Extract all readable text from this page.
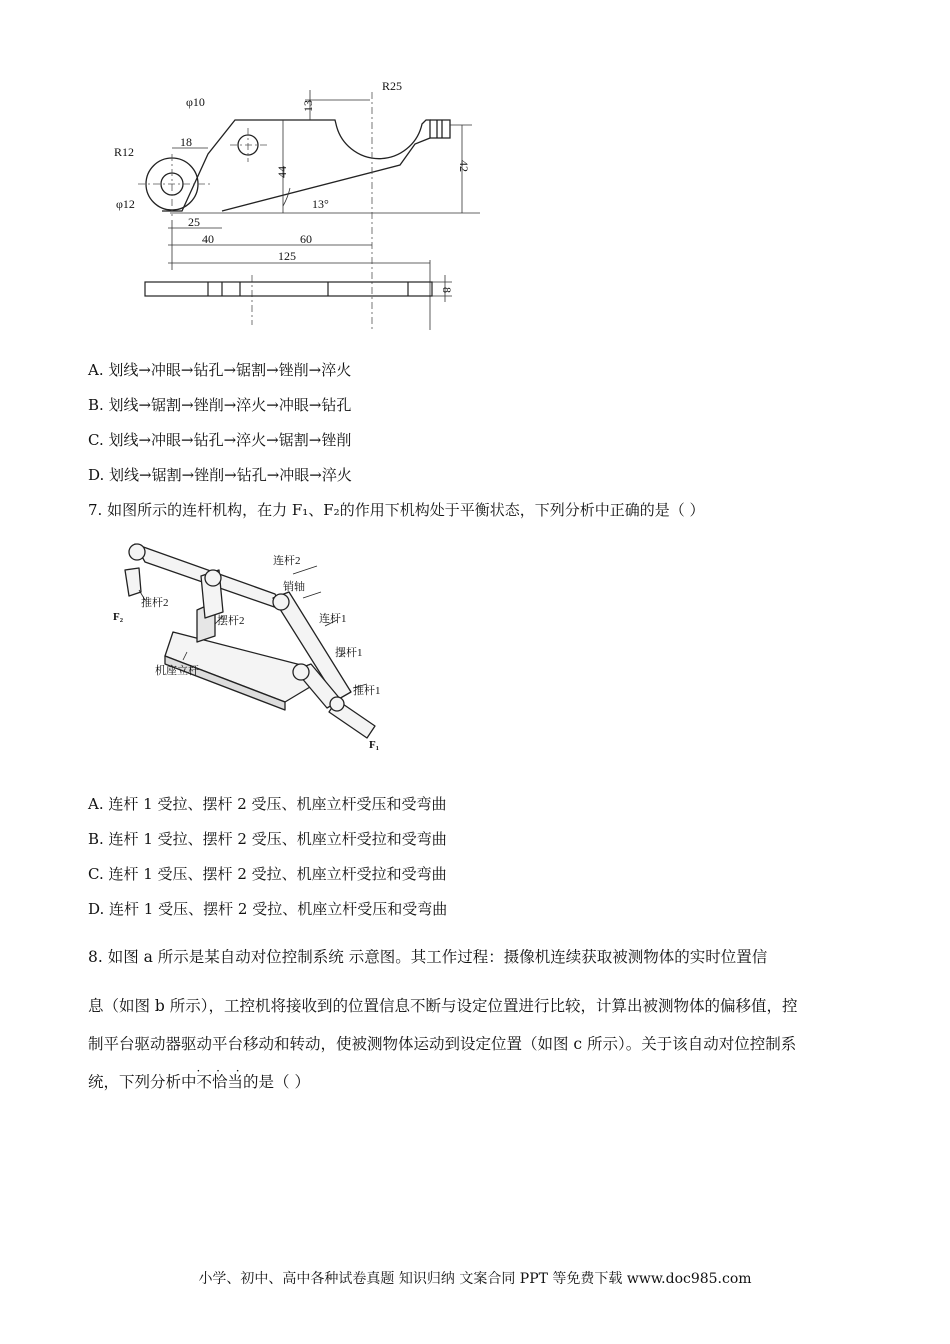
φ10
R25
13
18
R12
44	42
φ12	13°
25
40	60
125
8
A. 划线→冲眼→钻孔→锯割→锉削→淬火
B. 划线→锯割→锉削→淬火→冲眼→钻孔
C. 划线→冲眼→钻孔→淬火→锯割→锉削
D. 划线→锯割→锉削→钻孔→冲眼→淬火
7. 如图所示的连杆机构，在力 F₁、F₂的作用下机构处于平衡状态，下列分析中正确的是（ ）
连杆2
销轴
连杆1
摆杆1
推杆1
F₁
推杆2
F₂	摆杆2
机座立杆
A. 连杆 1 受拉、摆杆 2 受压、机座立杆受压和受弯曲
B. 连杆 1 受拉、摆杆 2 受压、机座立杆受拉和受弯曲
C. 连杆 1 受压、摆杆 2 受拉、机座立杆受拉和受弯曲
D. 连杆 1 受压、摆杆 2 受拉、机座立杆受压和受弯曲
8. 如图 a 所示是某自动对位控制系统 示意图。其工作过程：摄像机连续获取被测物体的实时位置信
息（如图 b 所示），工控机将接收到的位置信息不断与设定位置进行比较，计算出被测物体的偏移值，控
制平台驱动器驱动平台移动和转动，使被测物体运动到设定位置（如图 c 所示）。关于该自动对位控制系
统，下列分析中不恰当 · · ·的是（ ）
小学、初中、高中各种试卷真题 知识归纳 文案合同 PPT 等免费下载 www.doc985.com
